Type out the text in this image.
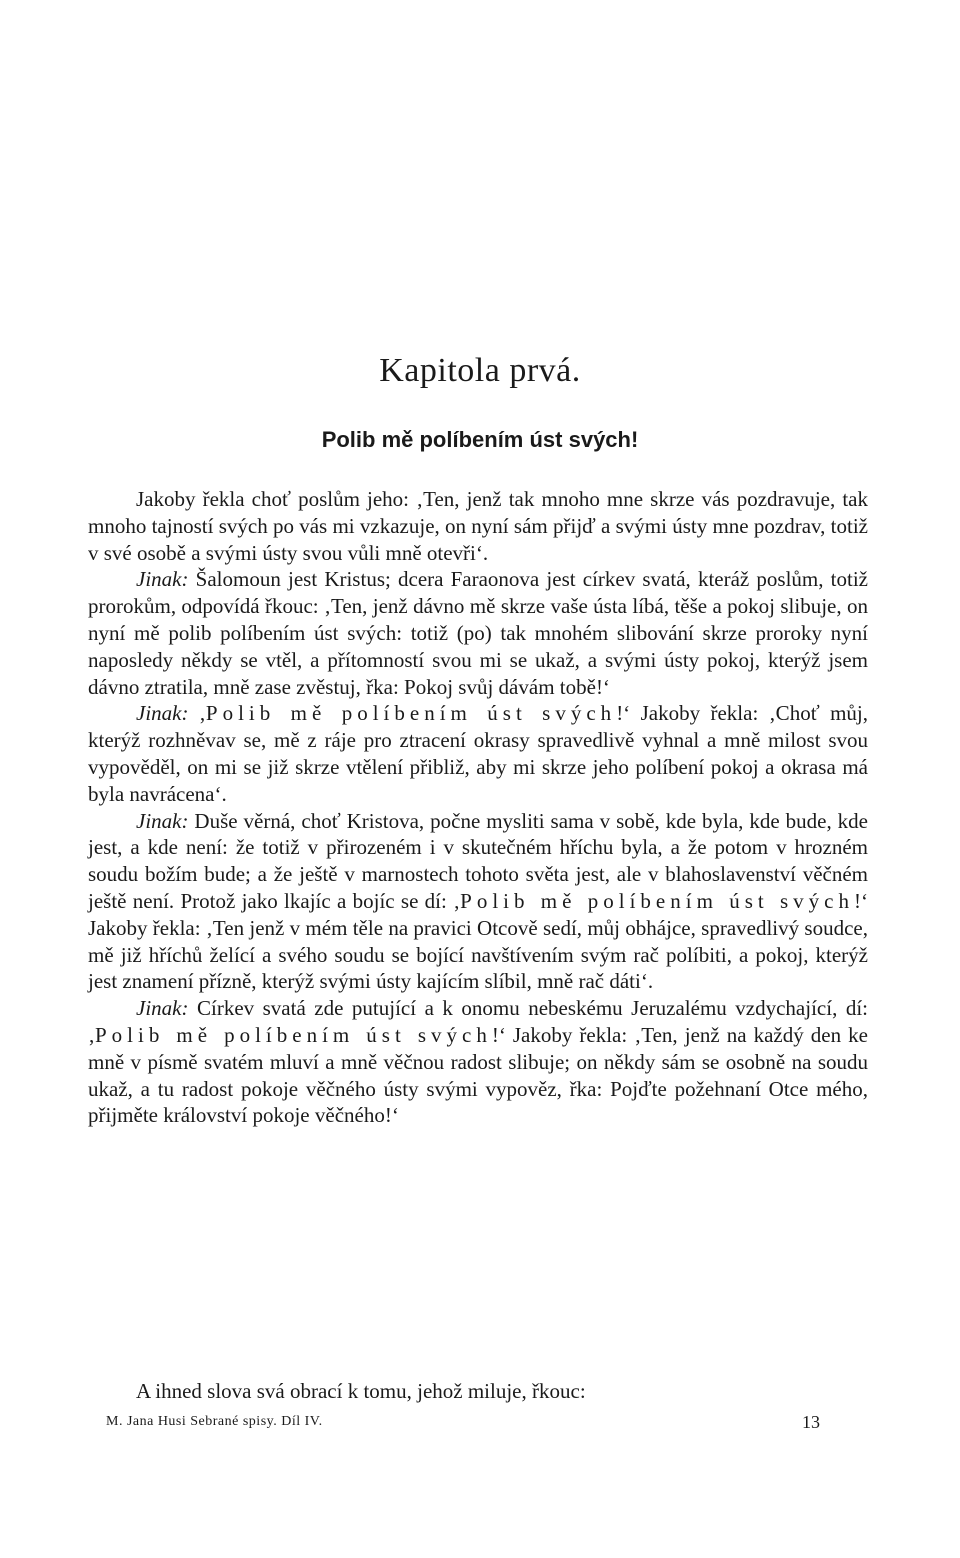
Kapitola prvá.
Polib mě políbením úst svých!

Jakoby řekla choť poslům jeho: ‚Ten, jenž tak mnoho mne skrze vás pozdravuje, tak mnoho tajností svých po vás mi vzkazuje, on nyní sám přijď a svými ústy mne pozdrav, totiž v své osobě a svými ústy svou vůli mně otevři‘.

Jinak: Šalomoun jest Kristus; dcera Faraonova jest církev svatá, kteráž poslům, totiž prorokům, odpovídá řkouc: ‚Ten, jenž dávno mě skrze vaše ústa líbá, těše a pokoj slibuje, on nyní mě polib políbením úst svých: totiž (po) tak mnohém slibování skrze proroky nyní naposledy někdy se vtěl, a přítomností svou mi se ukaž, a svými ústy pokoj, kterýž jsem dávno ztratila, mně zase zvěstuj, řka: Pokoj svůj dávám tobě!‘

Jinak: ‚Polib mě políbením úst svých!‘ Jakoby řekla: ‚Choť můj, kterýž rozhněvav se, mě z ráje pro ztracení okrasy spravedlivě vyhnal a mně milost svou vypověděl, on mi se již skrze vtělení přibliž, aby mi skrze jeho políbení pokoj a okrasa má byla navrácena‘.

Jinak: Duše věrná, choť Kristova, počne mysliti sama v sobě, kde byla, kde bude, kde jest, a kde není: že totiž v přirozeném i v skutečném hříchu byla, a že potom v hrozném soudu božím bude; a že ještě v marnostech tohoto světa jest, ale v blahoslavenství věčném ještě není. Protož jako lkajíc a bojíc se dí: ‚Polib mě políbením úst svých!‘ Jakoby řekla: ‚Ten jenž v mém těle na pravici Otcově sedí, můj obhájce, spravedlivý soudce, mě již hříchů želící a svého soudu se bojící navštívením svým rač políbiti, a pokoj, kterýž jest znamení přízně, kterýž svými ústy kajícím slíbil, mně rač dáti‘.

Jinak: Církev svatá zde putující a k onomu nebeskému Jeruzalému vzdychající, dí: ‚Polib mě políbením úst svých!‘ Jakoby řekla: ‚Ten, jenž na každý den ke mně v písmě svatém mluví a mně věčnou radost slibuje; on někdy sám se osobně na soudu ukaž, a tu radost pokoje věčného ústy svými vypověz, řka: Pojďte požehnaní Otce mého, přijměte království pokoje věčného!‘

A ihned slova svá obrací k tomu, jehož miluje, řkouc:

M. Jana Husi Sebrané spisy. Díl IV.	13
